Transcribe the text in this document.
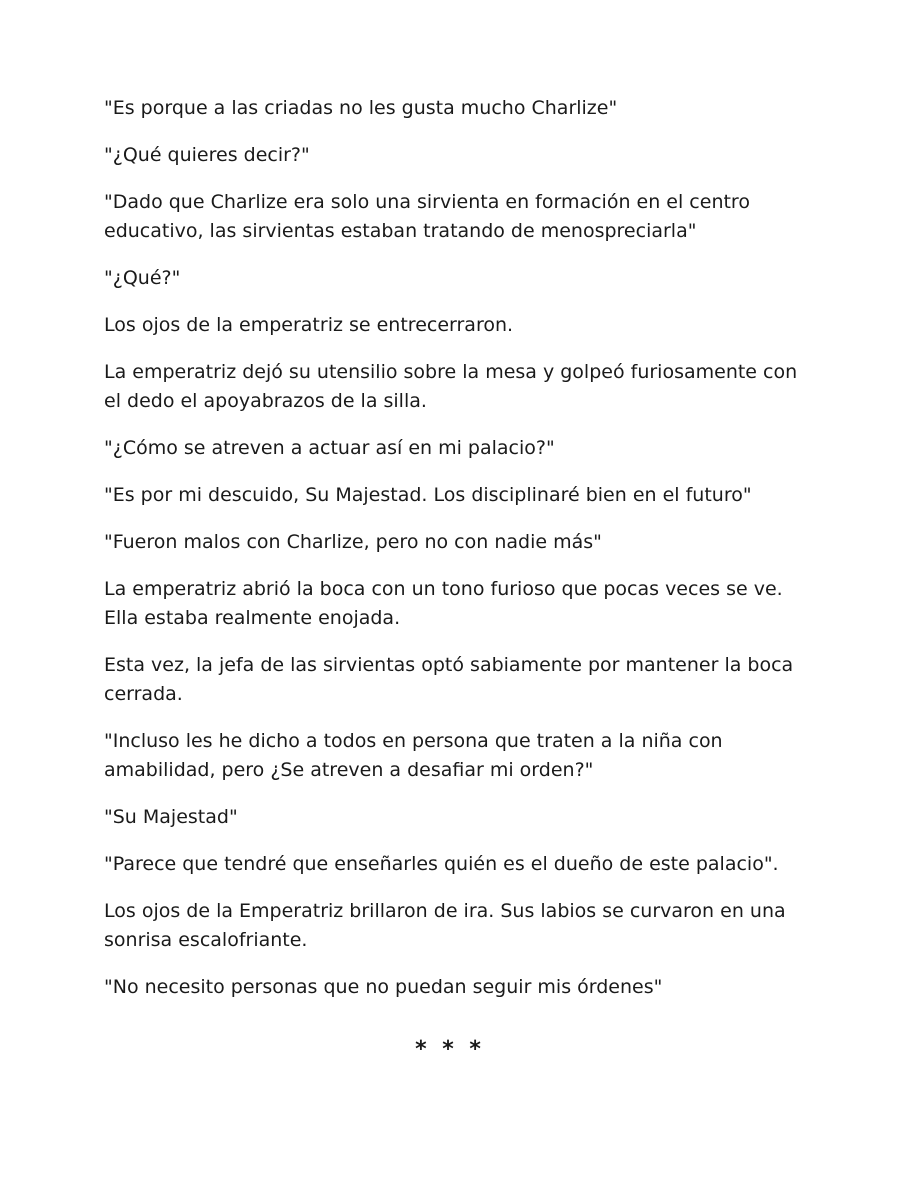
"Es porque a las criadas no les gusta mucho Charlize"

"¿Qué quieres decir?"

"Dado que Charlize era solo una sirvienta en formación en el centro educativo, las sirvientas estaban tratando de menospreciarla"

"¿Qué?"

Los ojos de la emperatriz se entrecerraron.

La emperatriz dejó su utensilio sobre la mesa y golpeó furiosamente con el dedo el apoyabrazos de la silla.

"¿Cómo se atreven a actuar así en mi palacio?"

"Es por mi descuido, Su Majestad. Los disciplinaré bien en el futuro"

"Fueron malos con Charlize, pero no con nadie más"

La emperatriz abrió la boca con un tono furioso que pocas veces se ve. Ella estaba realmente enojada.

Esta vez, la jefa de las sirvientas optó sabiamente por mantener la boca cerrada.

"Incluso les he dicho a todos en persona que traten a la niña con amabilidad, pero ¿Se atreven a desafiar mi orden?"

"Su Majestad"

"Parece que tendré que enseñarles quién es el dueño de este palacio".

Los ojos de la Emperatriz brillaron de ira. Sus labios se curvaron en una sonrisa escalofriante.

"No necesito personas que no puedan seguir mis órdenes"

* * *
